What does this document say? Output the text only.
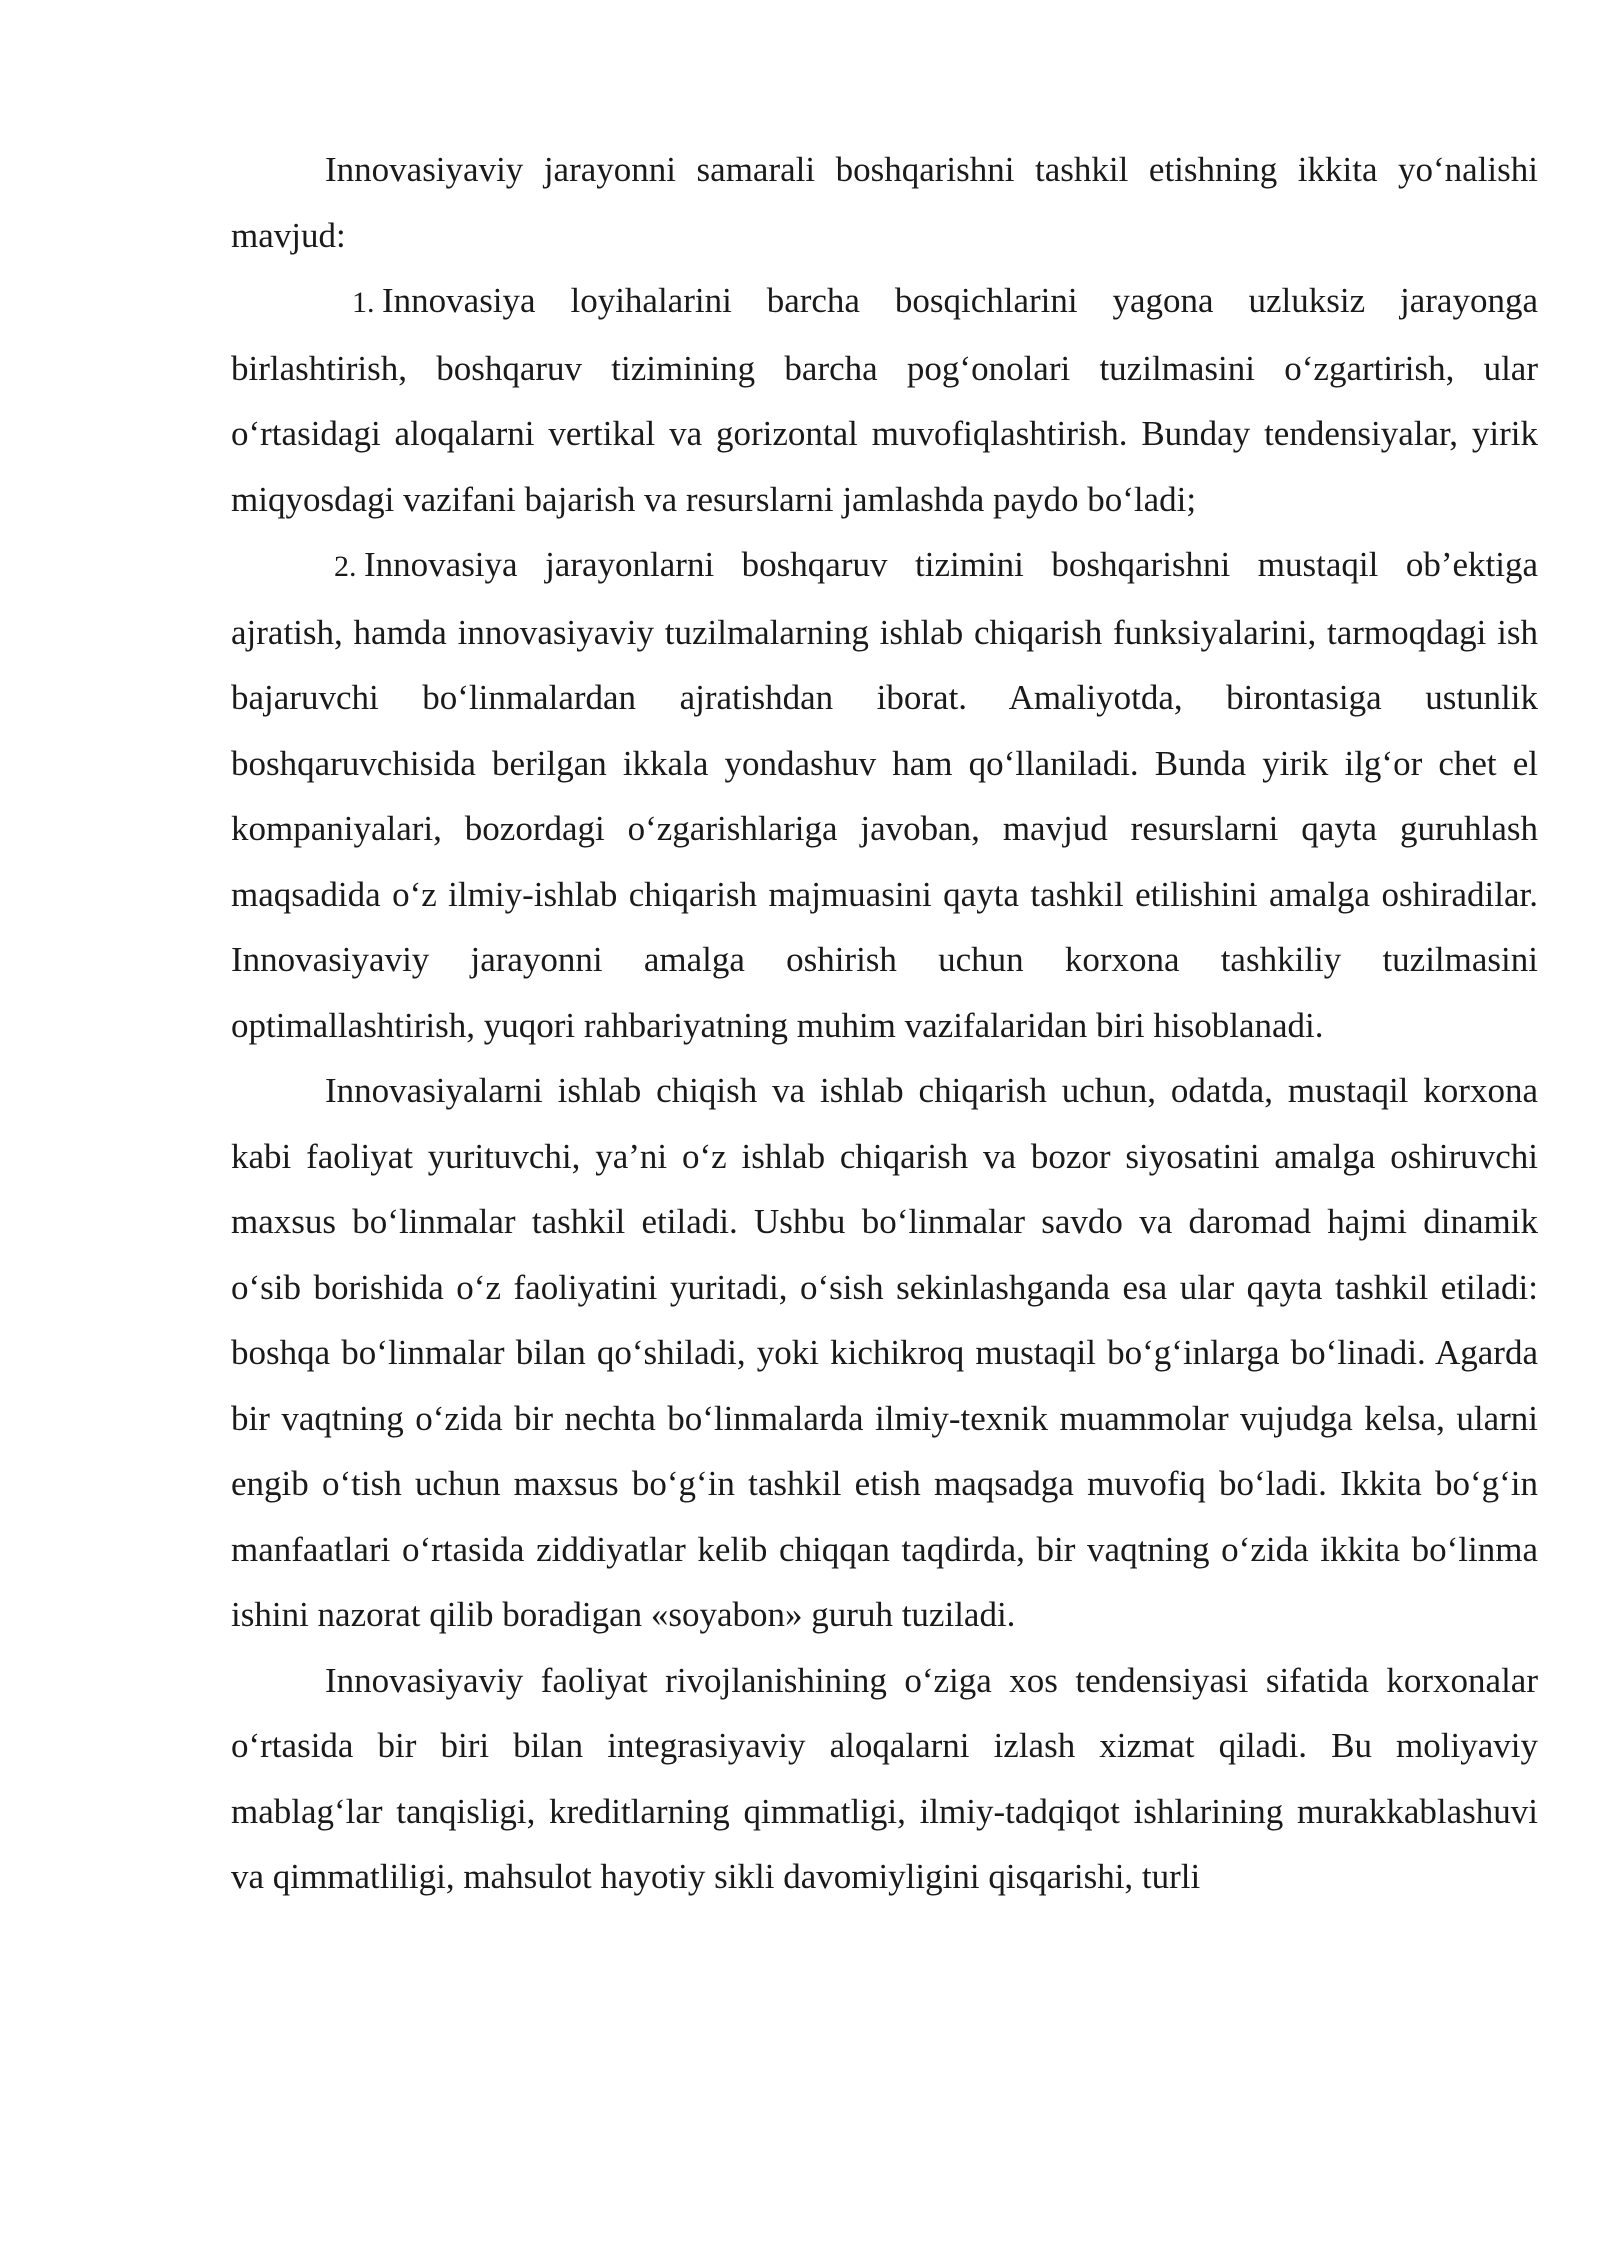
Innovasiyaviy jarayonni samarali boshqarishni tashkil etishning ikkita yo‘nalishi mavjud:

1. Innovasiya loyihalarini barcha bosqichlarini yagona uzluksiz jarayonga birlashtirish, boshqaruv tizimining barcha pog‘onolari tuzilmasini o‘zgartirish, ular o‘rtasidagi aloqalarni vertikal va gorizontal muvofiqlashtirish. Bunday tendensiyalar, yirik miqyosdagi vazifani bajarish va resurslarni jamlashda paydo bo‘ladi;
2. Innovasiya jarayonlarni boshqaruv tizimini boshqarishni mustaqil ob’ektiga ajratish, hamda innovasiyaviy tuzilmalarning ishlab chiqarish funksiyalarini, tarmoqdagi ish bajaruvchi bo‘linmalardan ajratishdan iborat. Amaliyotda, birontasiga ustunlik boshqaruvchisida berilgan ikkala yondashuv ham qo‘llaniladi. Bunda yirik ilg‘or chet el kompaniyalari, bozordagi o‘zgarishlariga javoban, mavjud resurslarni qayta guruhlash maqsadida o‘z ilmiy-ishlab chiqarish majmuasini qayta tashkil etilishini amalga oshiradilar. Innovasiyaviy jarayonni amalga oshirish uchun korxona tashkiliy tuzilmasini optimallashtirish, yuqori rahbariyatning muhim vazifalaridan biri hisoblanadi.

Innovasiyalarni ishlab chiqish va ishlab chiqarish uchun, odatda, mustaqil korxona kabi faoliyat yurituvchi, ya’ni o‘z ishlab chiqarish va bozor siyosatini amalga oshiruvchi maxsus bo‘linmalar tashkil etiladi. Ushbu bo‘linmalar savdo va daromad hajmi dinamik o‘sib borishida o‘z faoliyatini yuritadi, o‘sish sekinlashganda esa ular qayta tashkil etiladi: boshqa bo‘linmalar bilan qo‘shiladi, yoki kichikroq mustaqil bo‘g‘inlarga bo‘linadi. Agarda bir vaqtning o‘zida bir nechta bo‘linmalarda ilmiy-texnik muammolar vujudga kelsa, ularni engib o‘tish uchun maxsus bo‘g‘in tashkil etish maqsadga muvofiq bo‘ladi. Ikkita bo‘g‘in manfaatlari o‘rtasida ziddiyatlar kelib chiqqan taqdirda, bir vaqtning o‘zida ikkita bo‘linma ishini nazorat qilib boradigan «soyabon» guruh tuziladi.

Innovasiyaviy faoliyat rivojlanishining o‘ziga xos tendensiyasi sifatida korxonalar o‘rtasida bir biri bilan integrasiyaviy aloqalarni izlash xizmat qiladi. Bu moliyaviy mablag‘lar tanqisligi, kreditlarning qimmatligi, ilmiy-tadqiqot ishlarining murakkablashuvi va qimmatliligi, mahsulot hayotiy sikli davomiyligini qisqarishi, turli
